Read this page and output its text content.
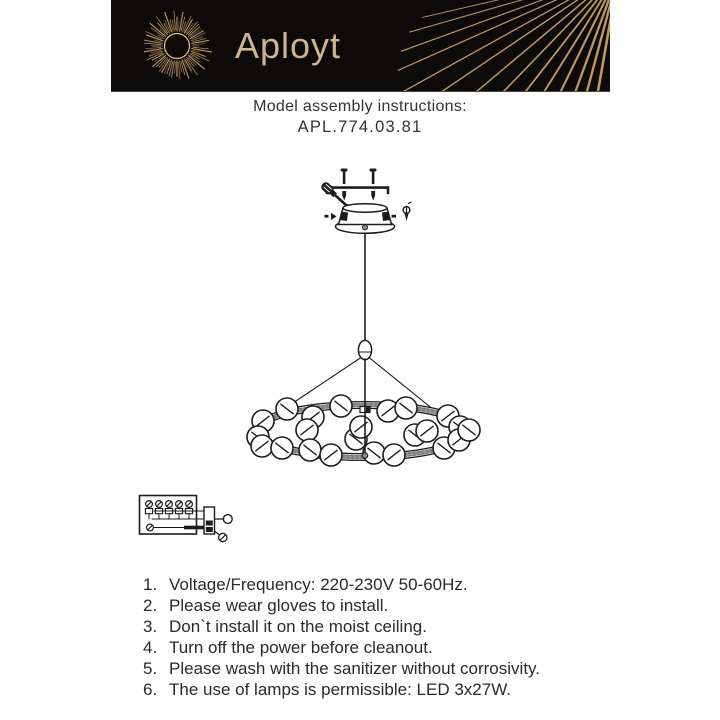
Aployt
Model assembly instructions:
APL.774.03.81
1. Voltage/Frequency: 220-230V 50-60Hz.
2. Please wear gloves to install.
3. Don`t install it on the moist ceiling.
4. Turn off the power before cleanout.
5. Please wash with the sanitizer without corrosivity.
6. The use of lamps is permissible: LED 3x27W.
